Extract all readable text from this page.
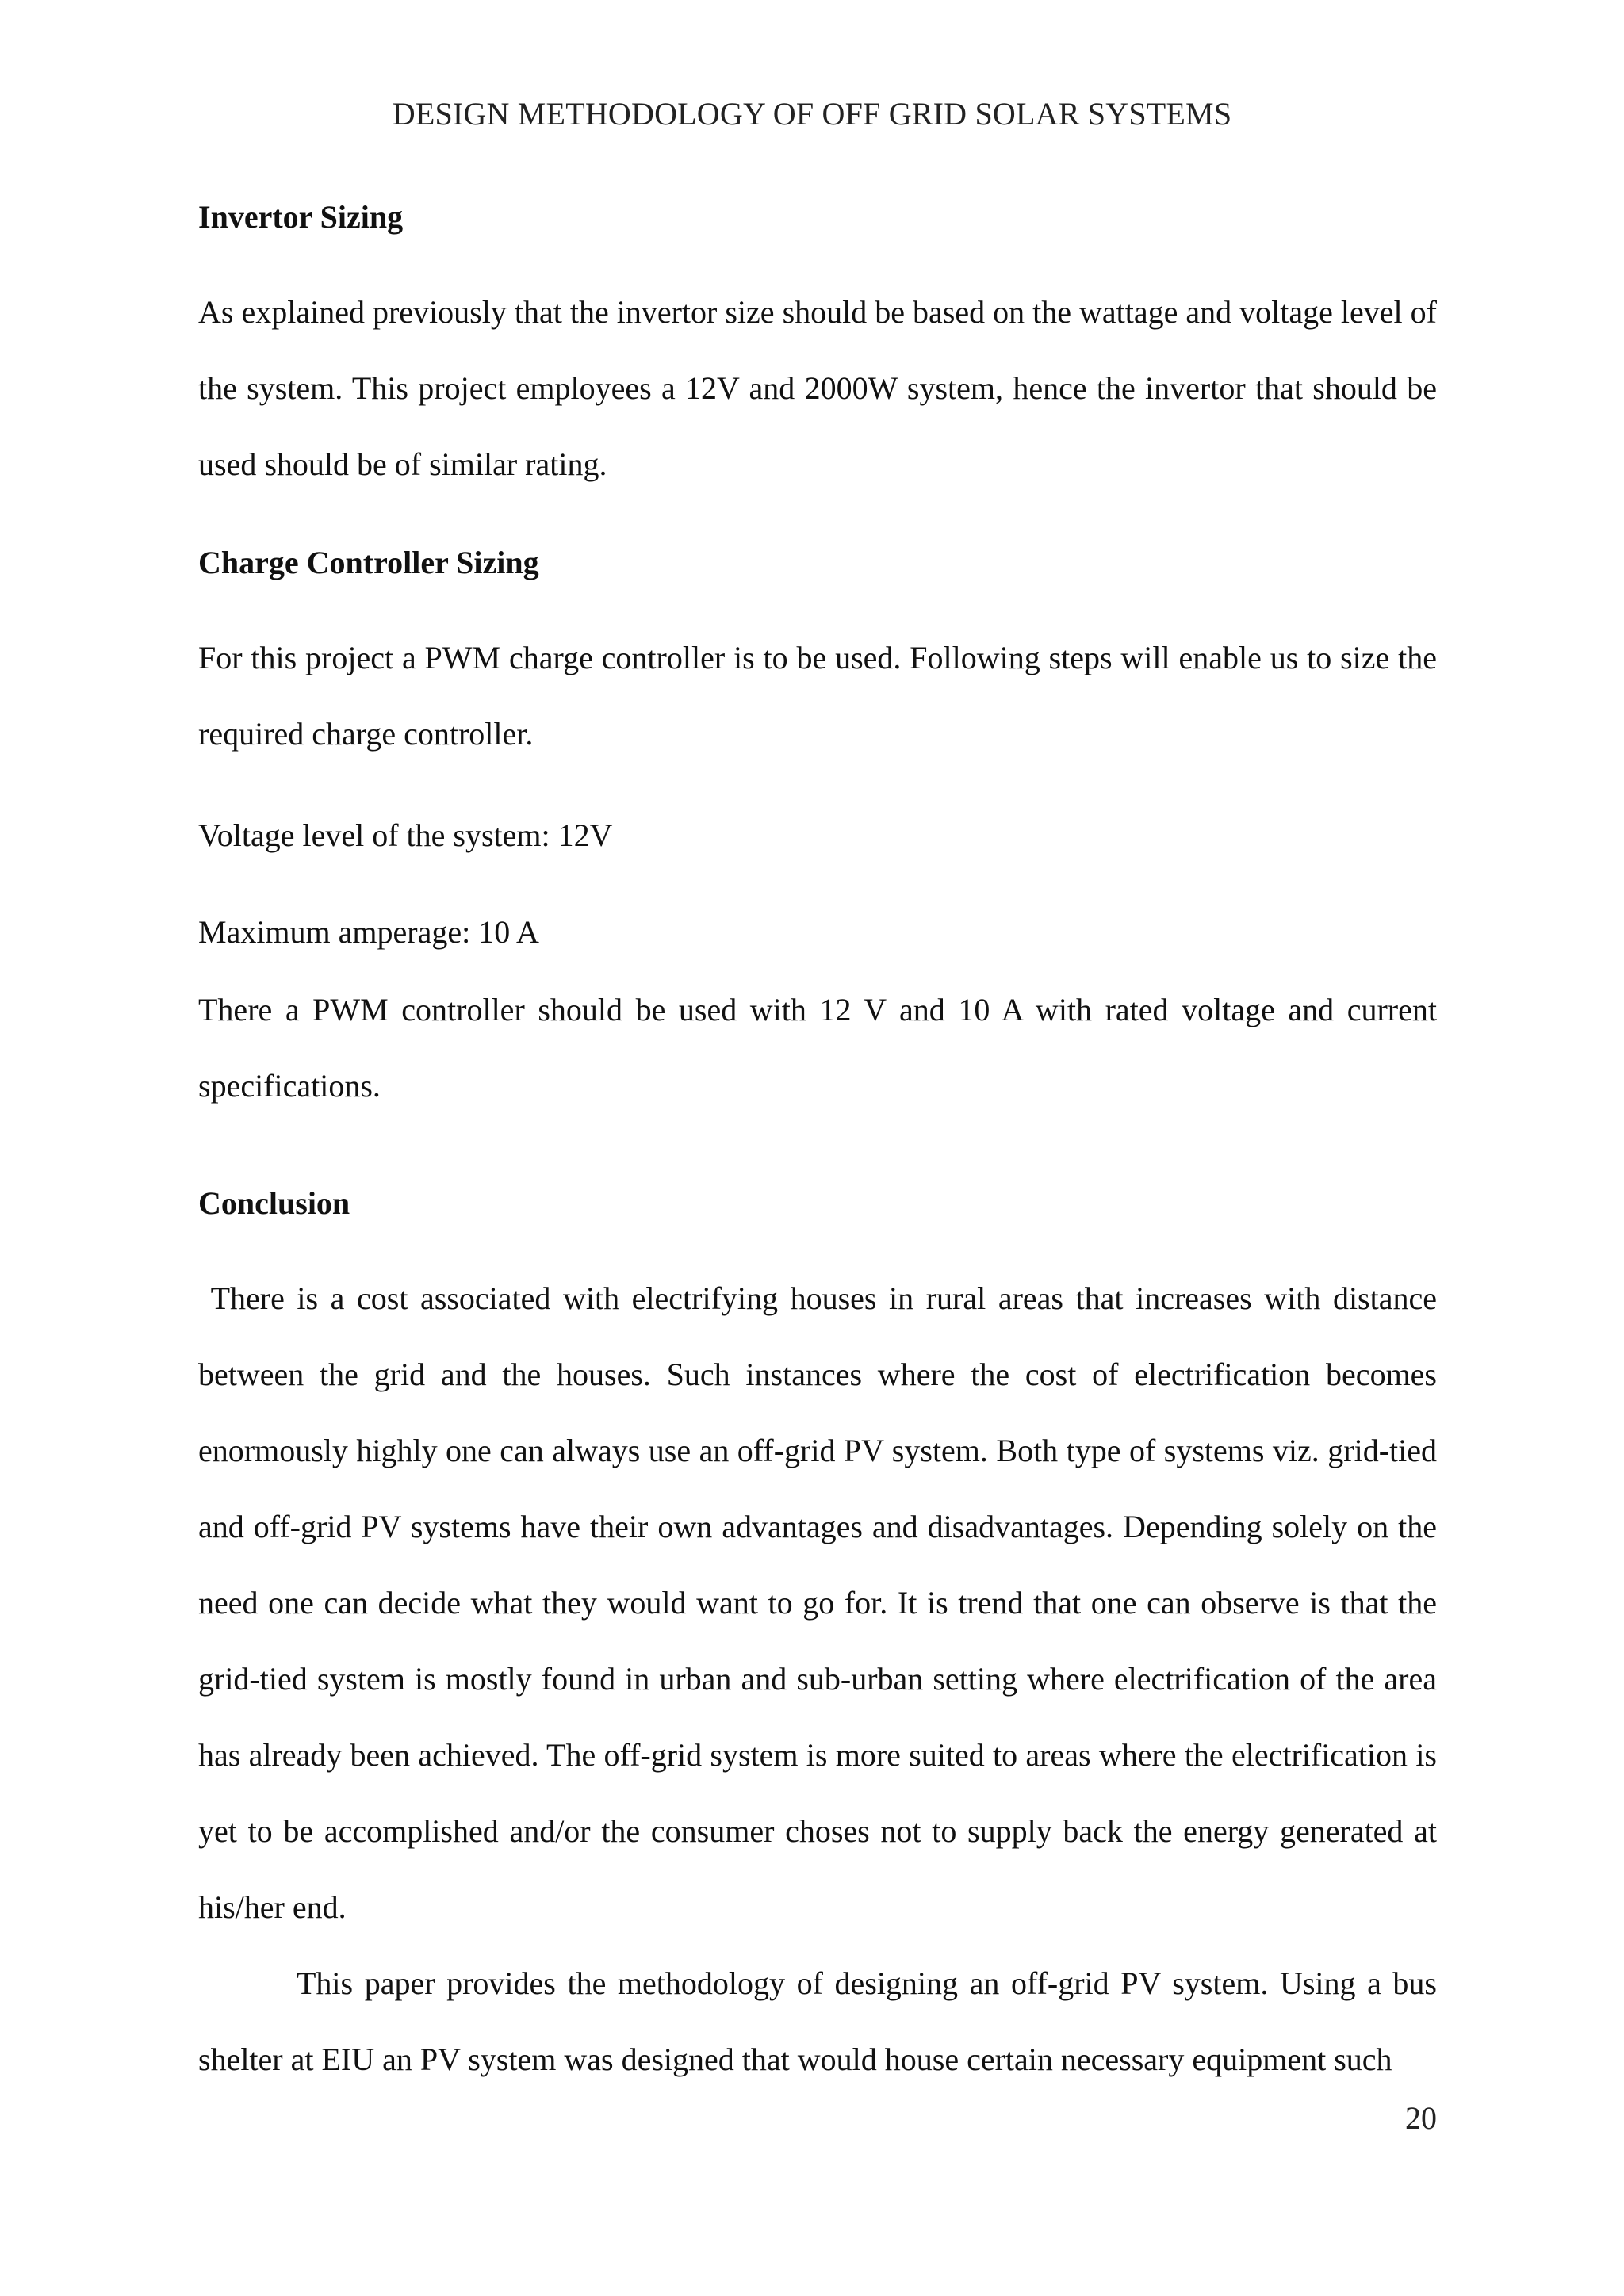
DESIGN METHODOLOGY OF OFF GRID SOLAR SYSTEMS
Invertor Sizing

As explained previously that the invertor size should be based on the wattage and voltage level of the system. This project employees a 12V and 2000W system, hence the invertor that should be used should be of similar rating.

Charge Controller Sizing

For this project a PWM charge controller is to be used. Following steps will enable us to size the required charge controller.

Voltage level of the system: 12V

Maximum amperage: 10 A

There a PWM controller should be used with 12 V and 10 A with rated voltage and current specifications.

Conclusion

There is a cost associated with electrifying houses in rural areas that increases with distance between the grid and the houses. Such instances where the cost of electrification becomes enormously highly one can always use an off-grid PV system. Both type of systems viz. grid-tied and off-grid PV systems have their own advantages and disadvantages. Depending solely on the need one can decide what they would want to go for. It is trend that one can observe is that the grid-tied system is mostly found in urban and sub-urban setting where electrification of the area has already been achieved. The off-grid system is more suited to areas where the electrification is yet to be accomplished and/or the consumer choses not to supply back the energy generated at his/her end.

This paper provides the methodology of designing an off-grid PV system. Using a bus shelter at EIU an PV system was designed that would house certain necessary equipment such

20
